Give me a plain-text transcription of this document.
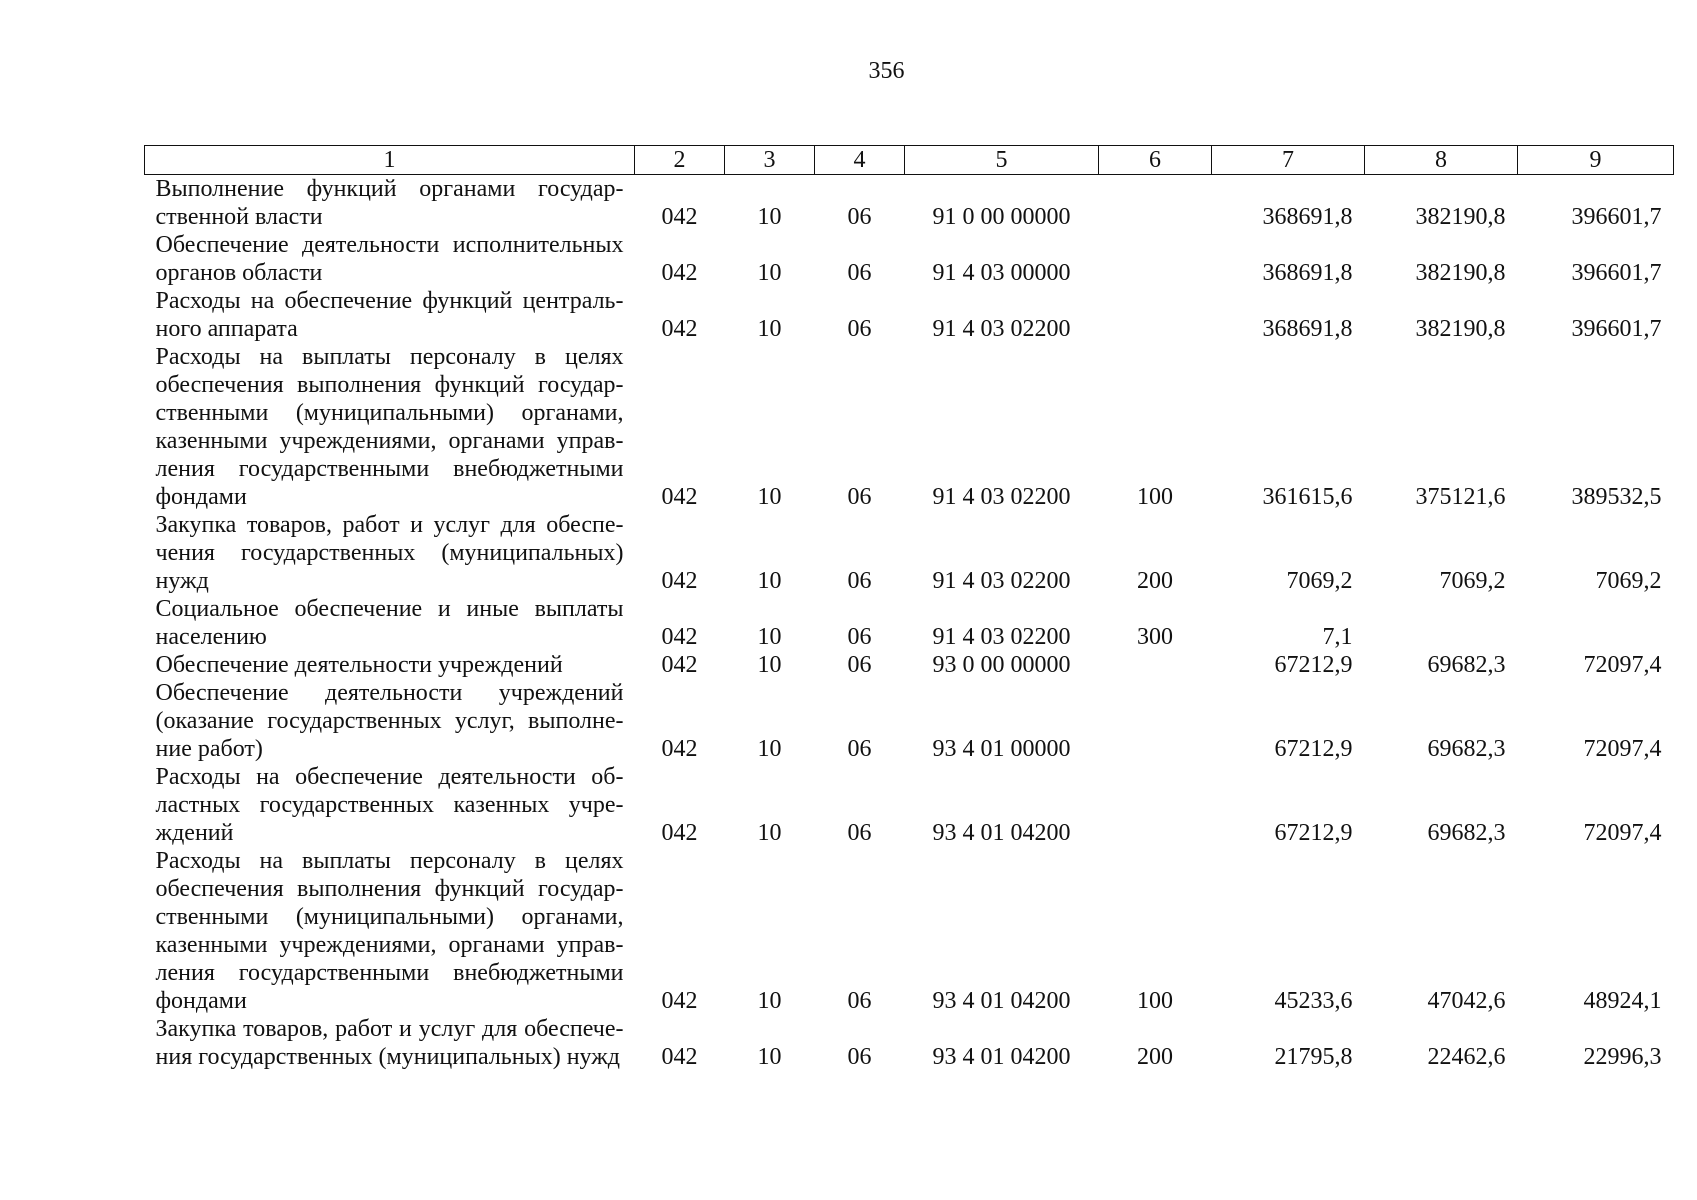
356
1	2	3	4	5	6	7	8	9
Выполнение функций органами государ-ственной власти	042	10	06	91 0 00 00000		368691,8	382190,8	396601,7
Обеспечение деятельности исполнительных органов области	042	10	06	91 4 03 00000		368691,8	382190,8	396601,7
Расходы на обеспечение функций централь-ного аппарата	042	10	06	91 4 03 02200		368691,8	382190,8	396601,7
Расходы на выплаты персоналу в целях обеспечения выполнения функций государ-ственными (муниципальными) органами, казенными учреждениями, органами управ-ления государственными внебюджетными фондами	042	10	06	91 4 03 02200	100	361615,6	375121,6	389532,5
Закупка товаров, работ и услуг для обеспе-чения государственных (муниципальных) нужд	042	10	06	91 4 03 02200	200	7069,2	7069,2	7069,2
Социальное обеспечение и иные выплаты населению	042	10	06	91 4 03 02200	300	7,1		
Обеспечение деятельности учреждений	042	10	06	93 0 00 00000		67212,9	69682,3	72097,4
Обеспечение деятельности учреждений (оказание государственных услуг, выполне-ние работ)	042	10	06	93 4 01 00000		67212,9	69682,3	72097,4
Расходы на обеспечение деятельности об-ластных государственных казенных учре-ждений	042	10	06	93 4 01 04200		67212,9	69682,3	72097,4
Расходы на выплаты персоналу в целях обеспечения выполнения функций государ-ственными (муниципальными) органами, казенными учреждениями, органами управ-ления государственными внебюджетными фондами	042	10	06	93 4 01 04200	100	45233,6	47042,6	48924,1
Закупка товаров, работ и услуг для обеспече-ния государственных (муниципальных) нужд	042	10	06	93 4 01 04200	200	21795,8	22462,6	22996,3
